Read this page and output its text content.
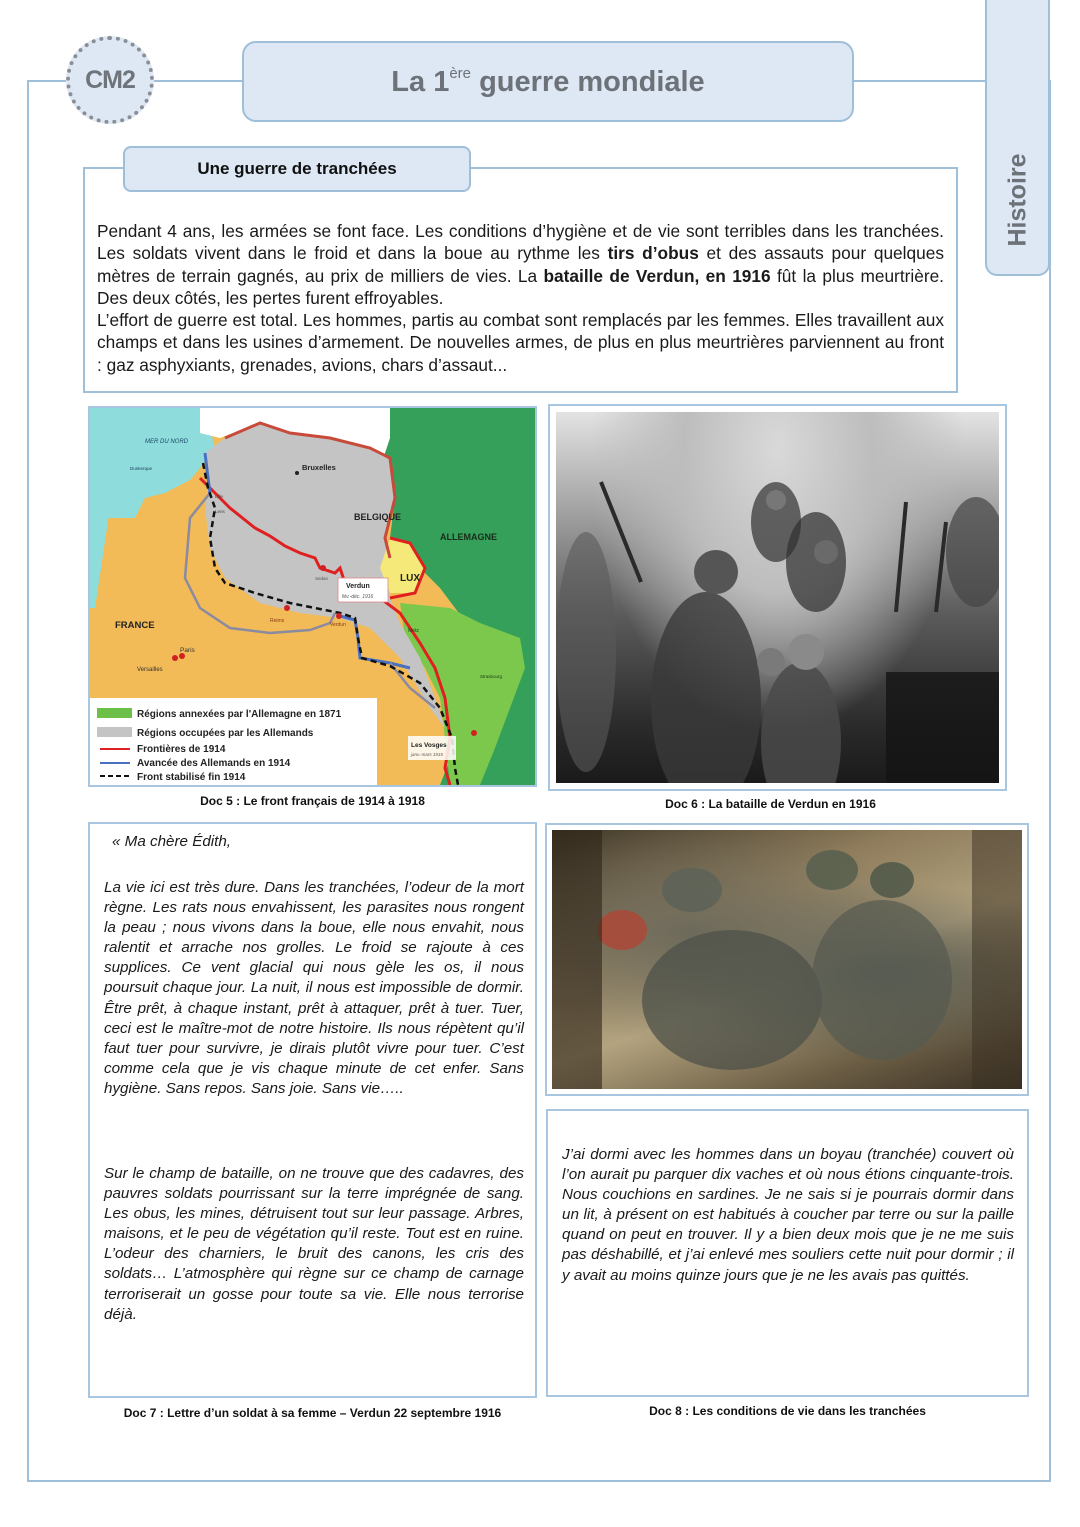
CM2	La 1ère guerre mondiale
Histoire
Une guerre de tranchées

Pendant 4 ans, les armées se font face. Les conditions d’hygiène et de vie sont terribles dans les tranchées. Les soldats vivent dans le froid et dans la boue au rythme les tirs d’obus et des assauts pour quelques mètres de terrain gagnés, au prix de milliers de vies. La bataille de Verdun, en 1916 fût la plus meurtrière. Des deux côtés, les pertes furent effroyables.

L’effort de guerre est total. Les hommes, partis au combat sont remplacés par les femmes. Elles travaillent aux champs et dans les usines d’armement. De nouvelles armes, de plus en plus meurtrières parviennent au front : gaz asphyxiants, grenades, avions, chars d’assaut...

MER DU NORD
Dunkerque
Lille
Lens
Bruxelles
BELGIQUE
ALLEMAGNE
LUX
Sedan
Verdun
fév.-déc. 1916
Verdun
Reims
Metz
Strasbourg
FRANCE
Paris
Versailles
Les Vosges
janv.-mars 1915
Régions annexées par l'Allemagne en 1871
Régions occupées par les Allemands
Frontières de 1914
Avancée des Allemands en 1914
Front stabilisé fin 1914
Doc 5 : Le front français de 1914 à 1918	Doc 6 : La bataille de Verdun en 1916
« Ma chère Édith,
La vie ici est très dure. Dans les tranchées, l’odeur de la mort règne. Les rats nous envahissent, les parasites nous rongent la peau ; nous vivons dans la boue, elle nous envahit, nous ralentit et arrache nos grolles. Le froid se rajoute à ces supplices. Ce vent glacial qui nous gèle les os, il nous poursuit chaque jour. La nuit, il nous est impossible de dormir. Être prêt, à chaque instant, prêt à attaquer, prêt à tuer. Tuer, ceci est le maître-mot de notre histoire. Ils nous répètent qu’il faut tuer pour survivre, je dirais plutôt vivre pour tuer. C’est comme cela que je vis chaque minute de cet enfer. Sans hygiène. Sans repos. Sans joie. Sans vie…..
Sur le champ de bataille, on ne trouve que des cadavres, des pauvres soldats pourrissant sur la terre imprégnée de sang. Les obus, les mines, détruisent tout sur leur passage. Arbres, maisons, et le peu de végétation qu’il reste. Tout est en ruine. L’odeur des charniers, le bruit des canons, les cris des soldats… L’atmosphère qui règne sur ce champ de carnage terroriserait un gosse pour toute sa vie. Elle nous terrorise déjà.
Doc 7 : Lettre d’un soldat à sa femme – Verdun 22 septembre 1916
J’ai dormi avec les hommes dans un boyau (tranchée) couvert où l’on aurait pu parquer dix vaches et où nous étions cinquante-trois. Nous couchions en sardines. Je ne sais si je pourrais dormir dans un lit, à présent on est habitués à coucher par terre ou sur la paille quand on peut en trouver. Il y a bien deux mois que je ne me suis pas déshabillé, et j’ai enlevé mes souliers cette nuit pour dormir ; il y avait au moins quinze jours que je ne les avais pas quittés.
Doc 8 : Les conditions de vie dans les tranchées
